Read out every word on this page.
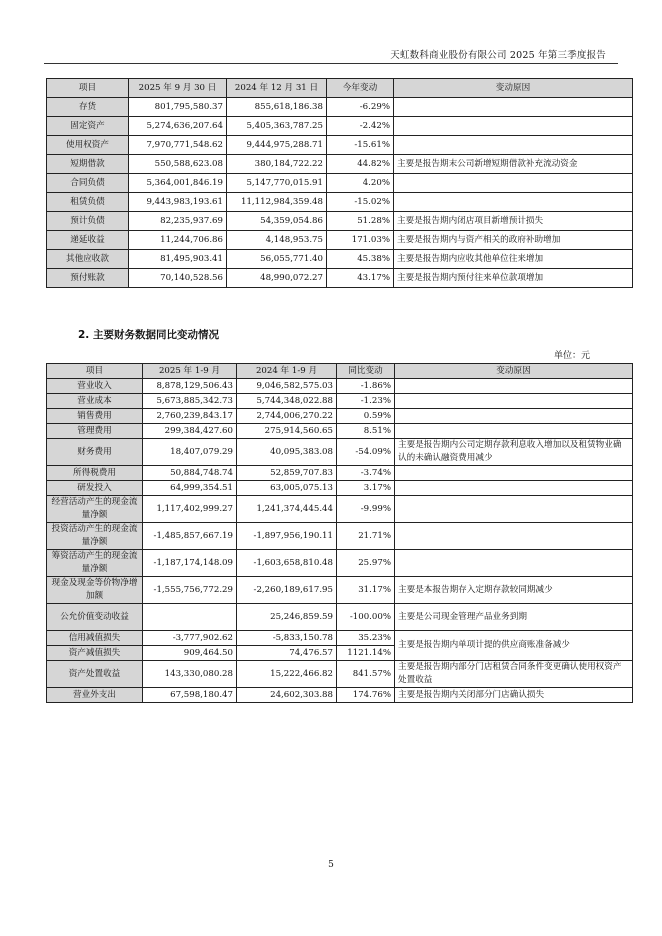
天虹数科商业股份有限公司 2025 年第三季度报告
项目	2025 年 9 月 30 日	2024 年 12 月 31 日	今年变动	变动原因
存货	801,795,580.37	855,618,186.38	-6.29%	
固定资产	5,274,636,207.64	5,405,363,787.25	-2.42%	
使用权资产	7,970,771,548.62	9,444,975,288.71	-15.61%	
短期借款	550,588,623.08	380,184,722.22	44.82%	主要是报告期末公司新增短期借款补充流动资金
合同负债	5,364,001,846.19	5,147,770,015.91	4.20%	
租赁负债	9,443,983,193.61	11,112,984,359.48	-15.02%	
预计负债	82,235,937.69	54,359,054.86	51.28%	主要是报告期内闭店项目新增预计损失
递延收益	11,244,706.86	4,148,953.75	171.03%	主要是报告期内与资产相关的政府补助增加
其他应收款	81,495,903.41	56,055,771.40	45.38%	主要是报告期内应收其他单位往来增加
预付账款	70,140,528.56	48,990,072.27	43.17%	主要是报告期内预付往来单位款项增加
2. 主要财务数据同比变动情况
单位：元
项目	2025 年 1-9 月	2024 年 1-9 月	同比变动	变动原因
营业收入	8,878,129,506.43	9,046,582,575.03	-1.86%	
营业成本	5,673,885,342.73	5,744,348,022.88	-1.23%	
销售费用	2,760,239,843.17	2,744,006,270.22	0.59%	
管理费用	299,384,427.60	275,914,560.65	8.51%	
财务费用	18,407,079.29	40,095,383.08	-54.09%	主要是报告期内公司定期存款利息收入增加以及租赁物业确认的未确认融资费用减少
所得税费用	50,884,748.74	52,859,707.83	-3.74%	
研发投入	64,999,354.51	63,005,075.13	3.17%	
经营活动产生的现金流量净额	1,117,402,999.27	1,241,374,445.44	-9.99%	
投资活动产生的现金流量净额	-1,485,857,667.19	-1,897,956,190.11	21.71%	
筹资活动产生的现金流量净额	-1,187,174,148.09	-1,603,658,810.48	25.97%	
现金及现金等价物净增加额	-1,555,756,772.29	-2,260,189,617.95	31.17%	主要是本报告期存入定期存款较同期减少
公允价值变动收益		25,246,859.59	-100.00%	主要是公司现金管理产品业务到期
信用减值损失	-3,777,902.62	-5,833,150.78	35.23%	主要是报告期内单项计提的供应商账准备减少
资产减值损失	909,464.50	74,476.57	1121.14%	
资产处置收益	143,330,080.28	15,222,466.82	841.57%	主要是报告期内部分门店租赁合同条件变更确认使用权资产处置收益
营业外支出	67,598,180.47	24,602,303.88	174.76%	主要是报告期内关闭部分门店确认损失
5
